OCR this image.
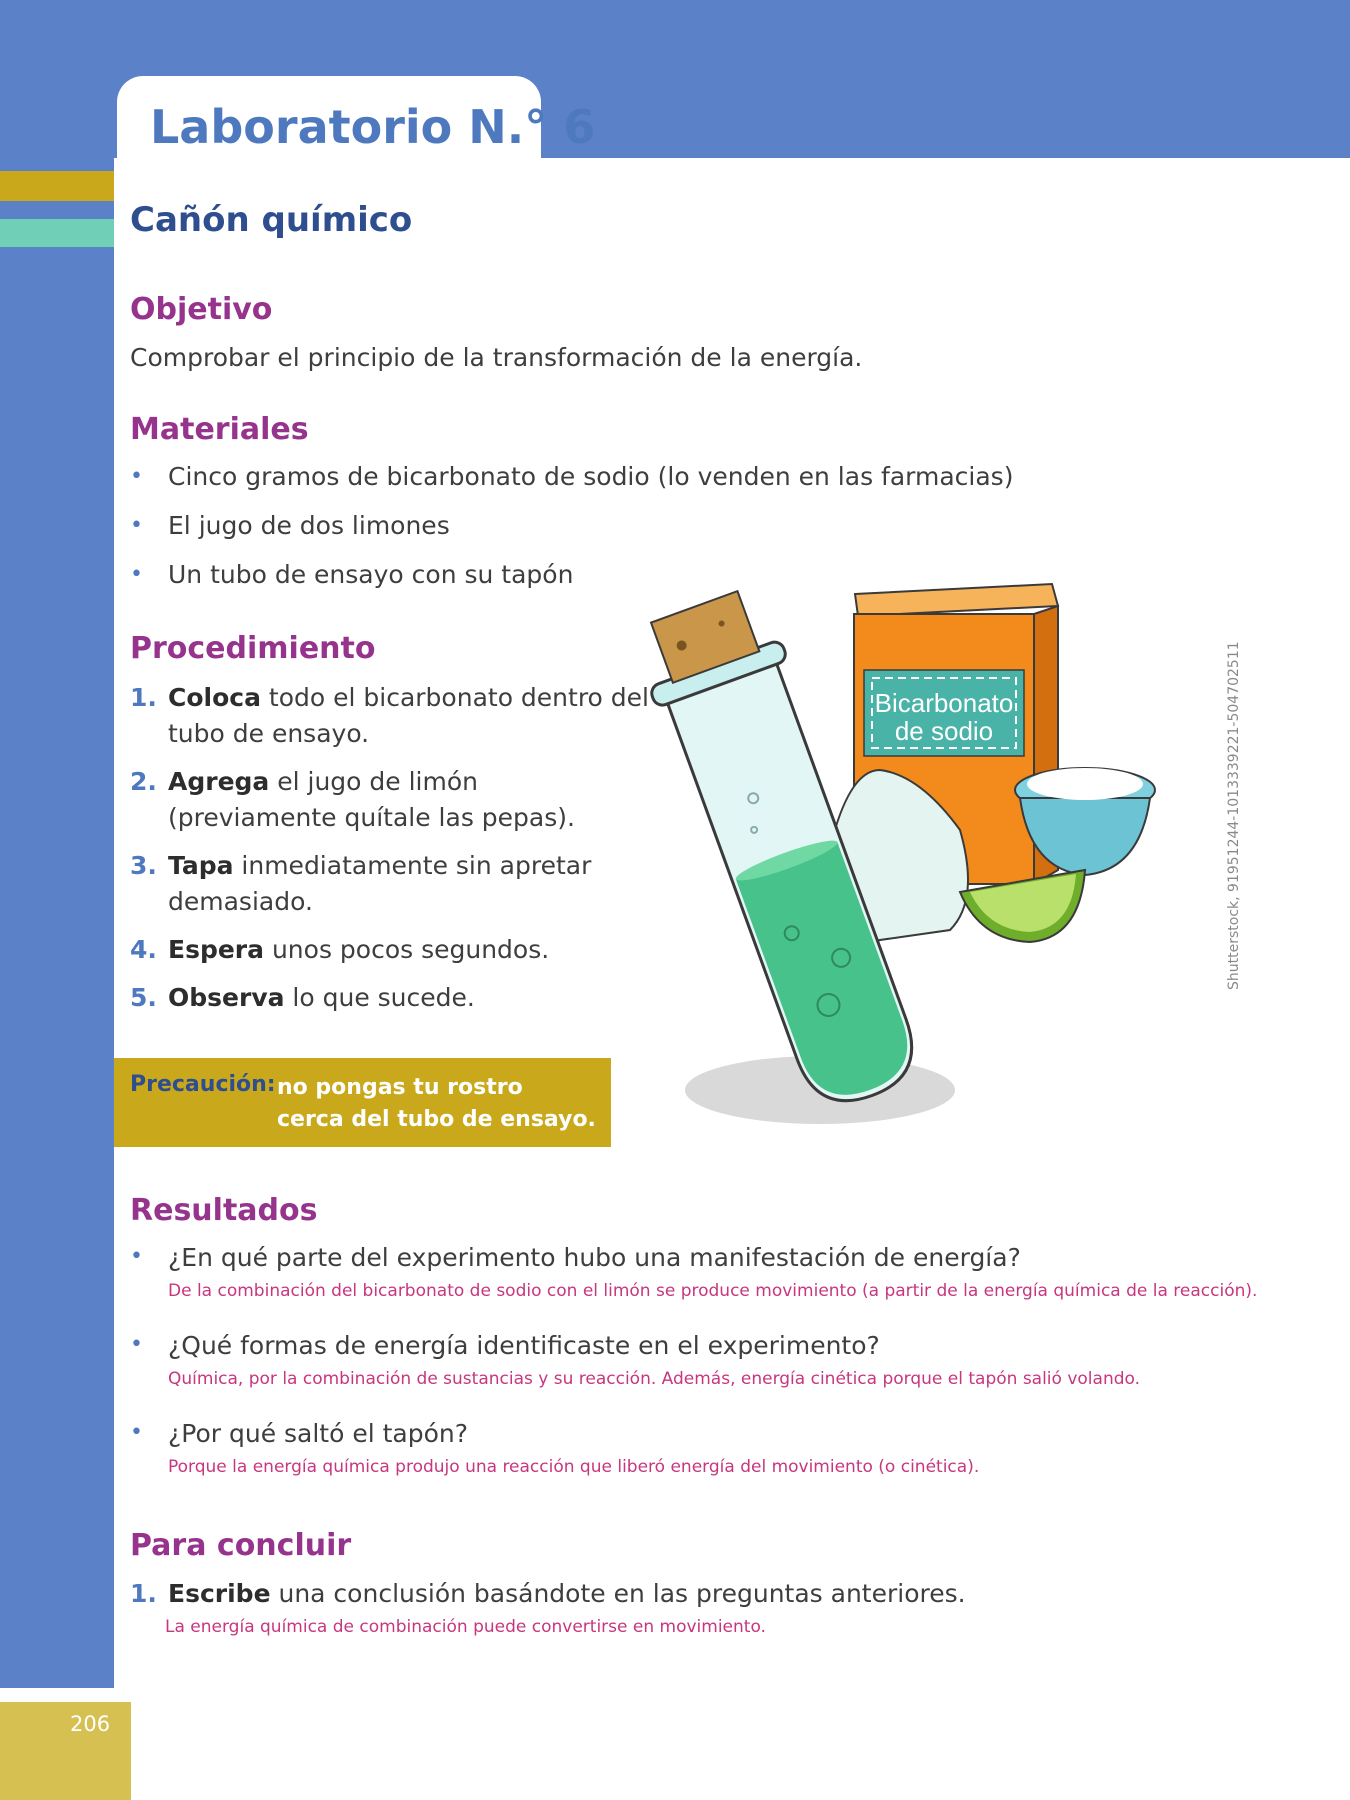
206
Laboratorio N.° 6
Cañón químico
Objetivo
Comprobar el principio de la transformación de la energía.
Materiales
• Cinco gramos de bicarbonato de sodio (lo venden en las farmacias)
• El jugo de dos limones
• Un tubo de ensayo con su tapón
Procedimiento
1. Coloca todo el bicarbonato dentro del tubo de ensayo.
2. Agrega el jugo de limón (previamente quítale las pepas).
3. Tapa inmediatamente sin apretar demasiado.
4. Espera unos pocos segundos.
5. Observa lo que sucede.
Precaución: no pongas tu rostro cerca del tubo de ensayo.
Bicarbonato
de sodio	Shutterstock, 91951244-1013339221-504702511
Resultados
• ¿En qué parte del experimento hubo una manifestación de energía?
De la combinación del bicarbonato de sodio con el limón se produce movimiento (a partir de la energía química de la reacción).
• ¿Qué formas de energía identificaste en el experimento?
Química, por la combinación de sustancias y su reacción. Además, energía cinética porque el tapón salió volando.
• ¿Por qué saltó el tapón?
Porque la energía química produjo una reacción que liberó energía del movimiento (o cinética).
Para concluir
1. Escribe una conclusión basándote en las preguntas anteriores.
La energía química de combinación puede convertirse en movimiento.
